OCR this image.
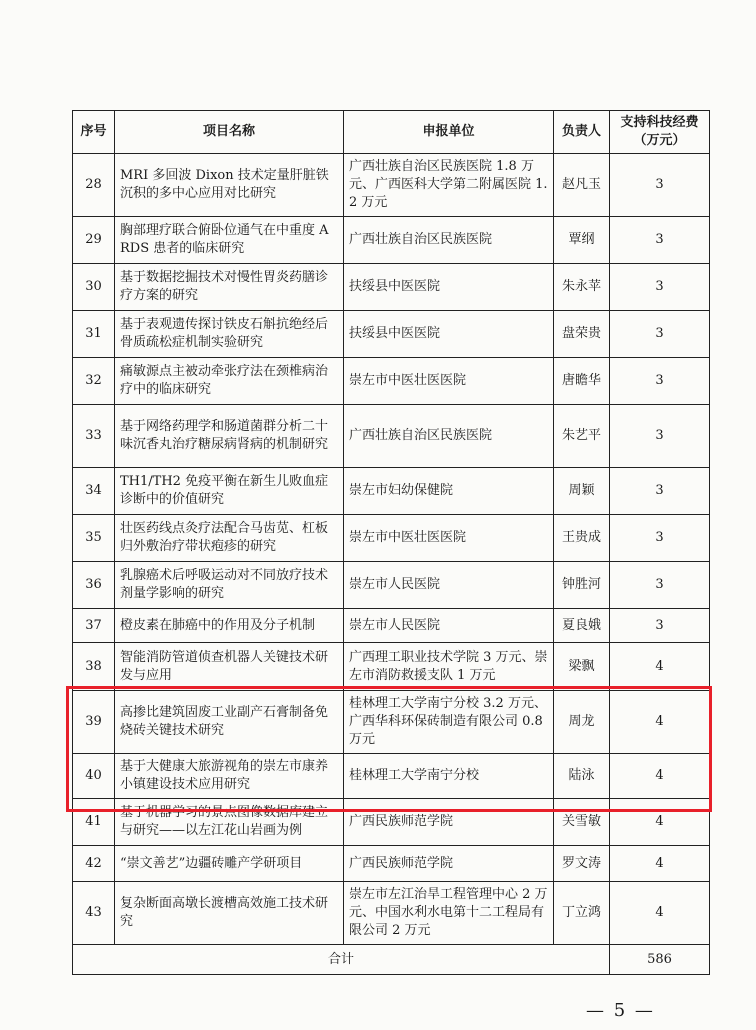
序号	项目名称	申报单位	负责人	支持科技经费（万元）
28	MRI 多回波 Dixon 技术定量肝脏铁沉积的多中心应用对比研究	广西壮族自治区民族医院 1.8 万元、广西医科大学第二附属医院 1.2 万元	赵凡玉	3
29	胸部理疗联合俯卧位通气在中重度 ARDS 患者的临床研究	广西壮族自治区民族医院	覃纲	3
30	基于数据挖掘技术对慢性胃炎药膳诊疗方案的研究	扶绥县中医医院	朱永苹	3
31	基于表观遗传探讨铁皮石斛抗绝经后骨质疏松症机制实验研究	扶绥县中医医院	盘荣贵	3
32	痛敏源点主被动牵张疗法在颈椎病治疗中的临床研究	崇左市中医壮医医院	唐瞻华	3
33	基于网络药理学和肠道菌群分析二十味沉香丸治疗糖尿病肾病的机制研究	广西壮族自治区民族医院	朱艺平	3
34	TH1/TH2 免疫平衡在新生儿败血症诊断中的价值研究	崇左市妇幼保健院	周颖	3
35	壮医药线点灸疗法配合马齿苋、杠板归外敷治疗带状疱疹的研究	崇左市中医壮医医院	王贵成	3
36	乳腺癌术后呼吸运动对不同放疗技术剂量学影响的研究	崇左市人民医院	钟胜河	3
37	橙皮素在肺癌中的作用及分子机制	崇左市人民医院	夏良娥	3
38	智能消防管道侦查机器人关键技术研发与应用	广西理工职业技术学院 3 万元、崇左市消防救援支队 1 万元	梁飘	4
39	高掺比建筑固废工业副产石膏制备免烧砖关键技术研究	桂林理工大学南宁分校 3.2 万元、广西华科环保砖制造有限公司 0.8 万元	周龙	4
40	基于大健康大旅游视角的崇左市康养小镇建设技术应用研究	桂林理工大学南宁分校	陆泳	4
41	基于机器学习的景点图像数据库建立与研究——以左江花山岩画为例	广西民族师范学院	关雪敏	4
42	“崇文善艺”边疆砖雕产学研项目	广西民族师范学院	罗文涛	4
43	复杂断面高墩长渡槽高效施工技术研究	崇左市左江治旱工程管理中心 2 万元、中国水利水电第十二工程局有限公司 2 万元	丁立鸿	4
合计				586
— 5 —
